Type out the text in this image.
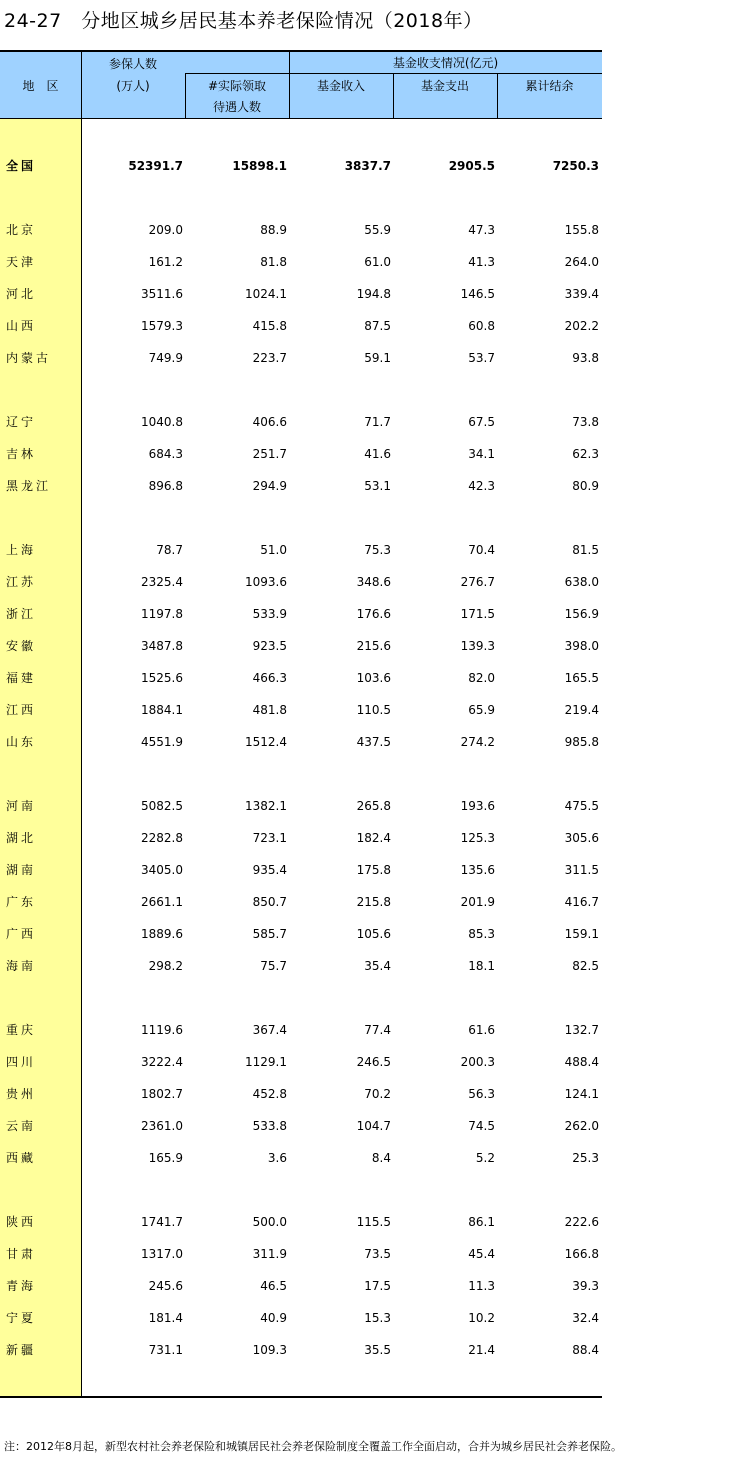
24-27　分地区城乡居民基本养老保险情况（2018年）
地　区
参保人数
(万人)	#实际领取
待遇人数
基金收支情况(亿元)
基金收入	基金支出	累计结余
全国	52391.7	15898.1	3837.7	2905.5	7250.3
北京	209.0	88.9	55.9	47.3	155.8
天津	161.2	81.8	61.0	41.3	264.0
河北	3511.6	1024.1	194.8	146.5	339.4
山西	1579.3	415.8	87.5	60.8	202.2
内蒙古	749.9	223.7	59.1	53.7	93.8
辽宁	1040.8	406.6	71.7	67.5	73.8
吉林	684.3	251.7	41.6	34.1	62.3
黑龙江	896.8	294.9	53.1	42.3	80.9
上海	78.7	51.0	75.3	70.4	81.5
江苏	2325.4	1093.6	348.6	276.7	638.0
浙江	1197.8	533.9	176.6	171.5	156.9
安徽	3487.8	923.5	215.6	139.3	398.0
福建	1525.6	466.3	103.6	82.0	165.5
江西	1884.1	481.8	110.5	65.9	219.4
山东	4551.9	1512.4	437.5	274.2	985.8
河南	5082.5	1382.1	265.8	193.6	475.5
湖北	2282.8	723.1	182.4	125.3	305.6
湖南	3405.0	935.4	175.8	135.6	311.5
广东	2661.1	850.7	215.8	201.9	416.7
广西	1889.6	585.7	105.6	85.3	159.1
海南	298.2	75.7	35.4	18.1	82.5
重庆	1119.6	367.4	77.4	61.6	132.7
四川	3222.4	1129.1	246.5	200.3	488.4
贵州	1802.7	452.8	70.2	56.3	124.1
云南	2361.0	533.8	104.7	74.5	262.0
西藏	165.9	3.6	8.4	5.2	25.3
陕西	1741.7	500.0	115.5	86.1	222.6
甘肃	1317.0	311.9	73.5	45.4	166.8
青海	245.6	46.5	17.5	11.3	39.3
宁夏	181.4	40.9	15.3	10.2	32.4
新疆	731.1	109.3	35.5	21.4	88.4
注：2012年8月起，新型农村社会养老保险和城镇居民社会养老保险制度全覆盖工作全面启动，合并为城乡居民社会养老保险。
